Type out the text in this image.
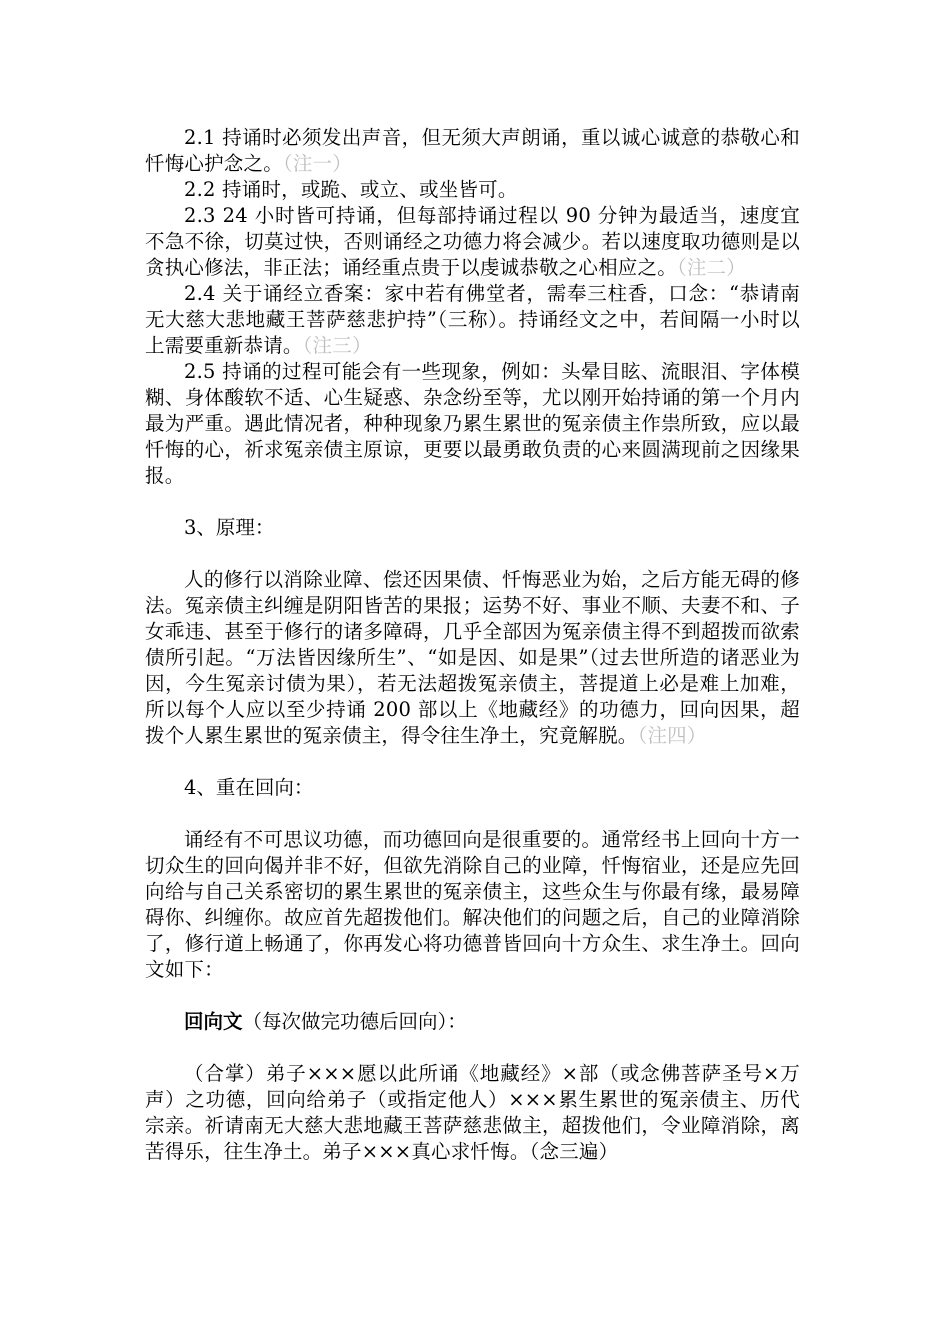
2.1 持诵时必须发出声音，但无须大声朗诵，重以诚心诚意的恭敬心和忏悔心护念之。（注一）

2.2 持诵时，或跪、或立、或坐皆可。

2.3 24 小时皆可持诵，但每部持诵过程以 90 分钟为最适当，速度宜不急不徐，切莫过快，否则诵经之功德力将会减少。若以速度取功德则是以贪执心修法，非正法；诵经重点贵于以虔诚恭敬之心相应之。（注二）

2.4 关于诵经立香案：家中若有佛堂者，需奉三柱香，口念：“恭请南无大慈大悲地藏王菩萨慈悲护持”（三称）。持诵经文之中，若间隔一小时以上需要重新恭请。（注三）

2.5 持诵的过程可能会有一些现象，例如：头晕目眩、流眼泪、字体模糊、身体酸软不适、心生疑惑、杂念纷至等，尤以刚开始持诵的第一个月内最为严重。遇此情况者，种种现象乃累生累世的冤亲债主作祟所致，应以最忏悔的心，祈求冤亲债主原谅，更要以最勇敢负责的心来圆满现前之因缘果报。

3、原理：

人的修行以消除业障、偿还因果债、忏悔恶业为始，之后方能无碍的修法。冤亲债主纠缠是阴阳皆苦的果报；运势不好、事业不顺、夫妻不和、子女乖违、甚至于修行的诸多障碍，几乎全部因为冤亲债主得不到超拨而欲索债所引起。“万法皆因缘所生”、“如是因、如是果”（过去世所造的诸恶业为因，今生冤亲讨债为果），若无法超拨冤亲债主，菩提道上必是难上加难，所以每个人应以至少持诵 200 部以上《地藏经》的功德力，回向因果，超拨个人累生累世的冤亲债主，得令往生净土，究竟解脱。（注四）

4、重在回向：

诵经有不可思议功德，而功德回向是很重要的。通常经书上回向十方一切众生的回向偈并非不好，但欲先消除自己的业障，忏悔宿业，还是应先回向给与自己关系密切的累生累世的冤亲债主，这些众生与你最有缘，最易障碍你、纠缠你。故应首先超拨他们。解决他们的问题之后，自己的业障消除了，修行道上畅通了，你再发心将功德普皆回向十方众生、求生净土。回向文如下：

回向文（每次做完功德后回向）：

（合掌）弟子×××愿以此所诵《地藏经》×部（或念佛菩萨圣号×万声）之功德，回向给弟子（或指定他人）×××累生累世的冤亲债主、历代宗亲。祈请南无大慈大悲地藏王菩萨慈悲做主，超拨他们，令业障消除，离苦得乐，往生净土。弟子×××真心求忏悔。（念三遍）
